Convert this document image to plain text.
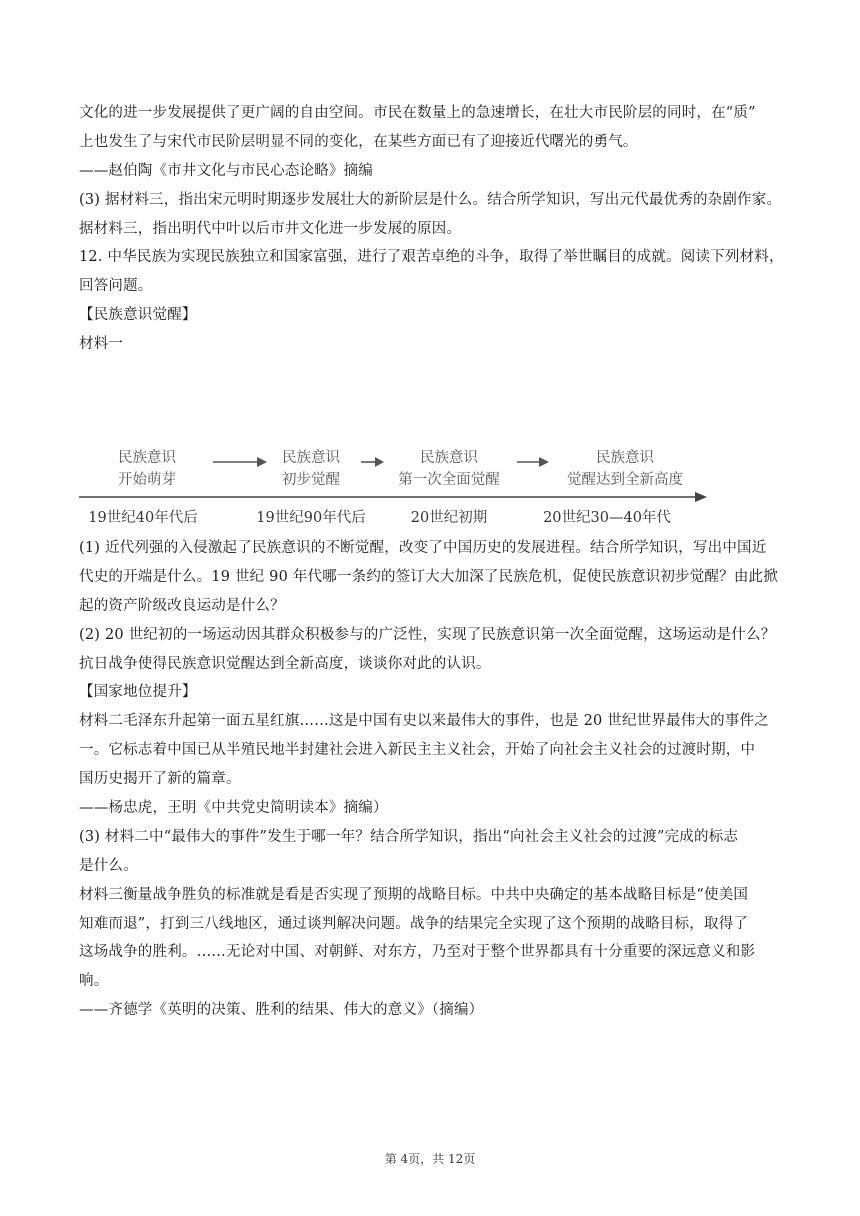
文化的进一步发展提供了更广阔的自由空间。市民在数量上的急速增长，在壮大市民阶层的同时，在“质”
上也发生了与宋代市民阶层明显不同的变化，在某些方面已有了迎接近代曙光的勇气。
——赵伯陶《市井文化与市民心态论略》摘编
(3) 据材料三，指出宋元明时期逐步发展壮大的新阶层是什么。结合所学知识，写出元代最优秀的杂剧作家。
据材料三，指出明代中叶以后市井文化进一步发展的原因。
12. 中华民族为实现民族独立和国家富强，进行了艰苦卓绝的斗争，取得了举世瞩目的成就。阅读下列材料，
回答问题。
【民族意识觉醒】
材料一
民族意识
开始萌芽
民族意识
初步觉醒
民族意识
第一次全面觉醒
民族意识
觉醒达到全新高度
19世纪40年代后	19世纪90年代后	20世纪初期	20世纪30—40年代
(1) 近代列强的入侵激起了民族意识的不断觉醒，改变了中国历史的发展进程。结合所学知识，写出中国近
代史的开端是什么。19 世纪 90 年代哪一条约的签订大大加深了民族危机，促使民族意识初步觉醒？由此掀
起的资产阶级改良运动是什么？
(2) 20 世纪初的一场运动因其群众积极参与的广泛性，实现了民族意识第一次全面觉醒，这场运动是什么？
抗日战争使得民族意识觉醒达到全新高度，谈谈你对此的认识。
【国家地位提升】
材料二毛泽东升起第一面五星红旗……这是中国有史以来最伟大的事件，也是 20 世纪世界最伟大的事件之
一。它标志着中国已从半殖民地半封建社会进入新民主主义社会，开始了向社会主义社会的过渡时期，中
国历史揭开了新的篇章。
——杨忠虎，王明《中共党史简明读本》摘编）
(3) 材料二中“最伟大的事件”发生于哪一年？结合所学知识，指出“向社会主义社会的过渡”完成的标志
是什么。
材料三衡量战争胜负的标准就是看是否实现了预期的战略目标。中共中央确定的基本战略目标是“使美国
知难而退”，打到三八线地区，通过谈判解决问题。战争的结果完全实现了这个预期的战略目标，取得了
这场战争的胜利。……无论对中国、对朝鲜、对东方，乃至对于整个世界都具有十分重要的深远意义和影
响。
——齐德学《英明的决策、胜利的结果、伟大的意义》（摘编）
第 4页，共 12页
